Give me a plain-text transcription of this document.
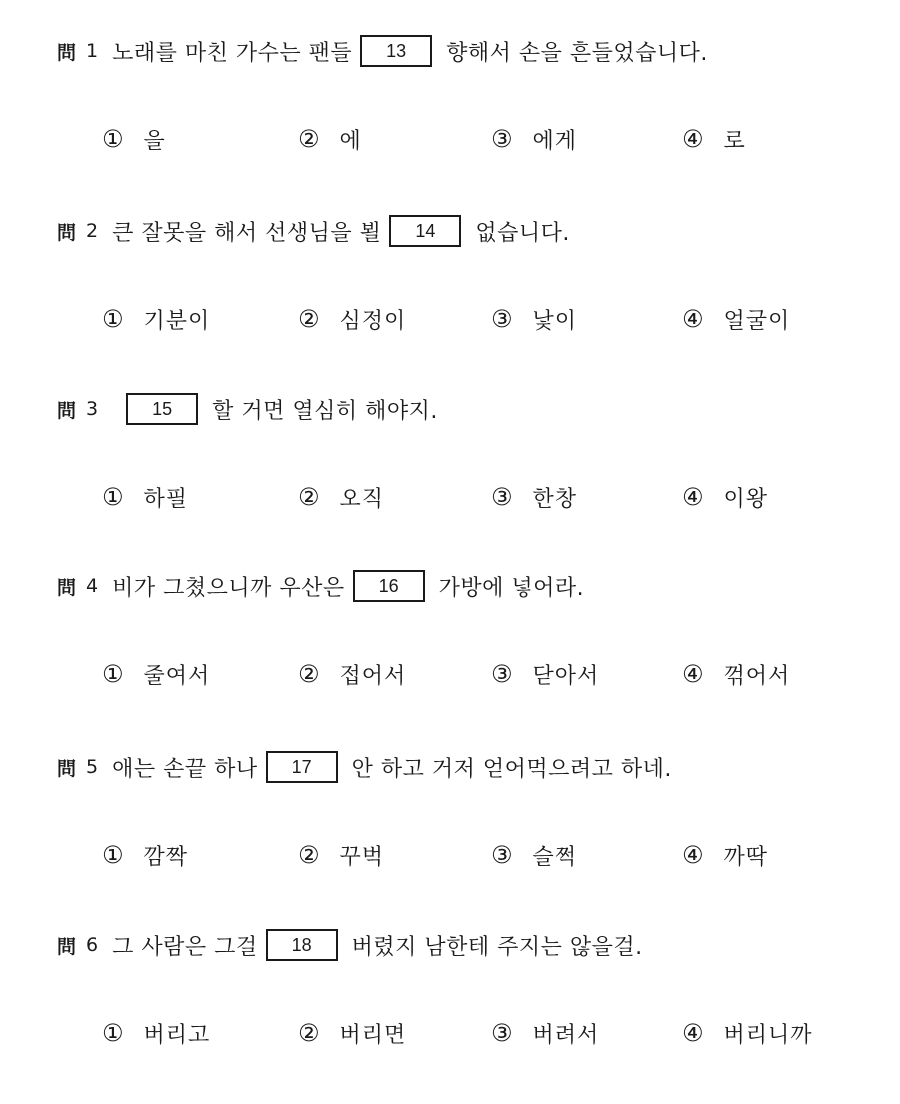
問 1 노래를 마친 가수는 팬들	13	향해서 손을 흔들었습니다.
① 을	② 에	③ 에게	④ 로
問 2 큰 잘못을 해서 선생님을 뵐	14	없습니다.
① 기분이	② 심정이	③ 낯이	④ 얼굴이
問 3	15	할 거면 열심히 해야지.
① 하필	② 오직	③ 한창	④ 이왕
問 4 비가 그쳤으니까 우산은	16	가방에 넣어라.
① 줄여서	② 접어서	③ 닫아서	④ 꺾어서
問 5 애는 손끝 하나	17	안 하고 거저 얻어먹으려고 하네.
① 깜짝	② 꾸벅	③ 슬쩍	④ 까딱
問 6 그 사람은 그걸	18	버렸지 남한테 주지는 않을걸.
① 버리고	② 버리면	③ 버려서	④ 버리니까
